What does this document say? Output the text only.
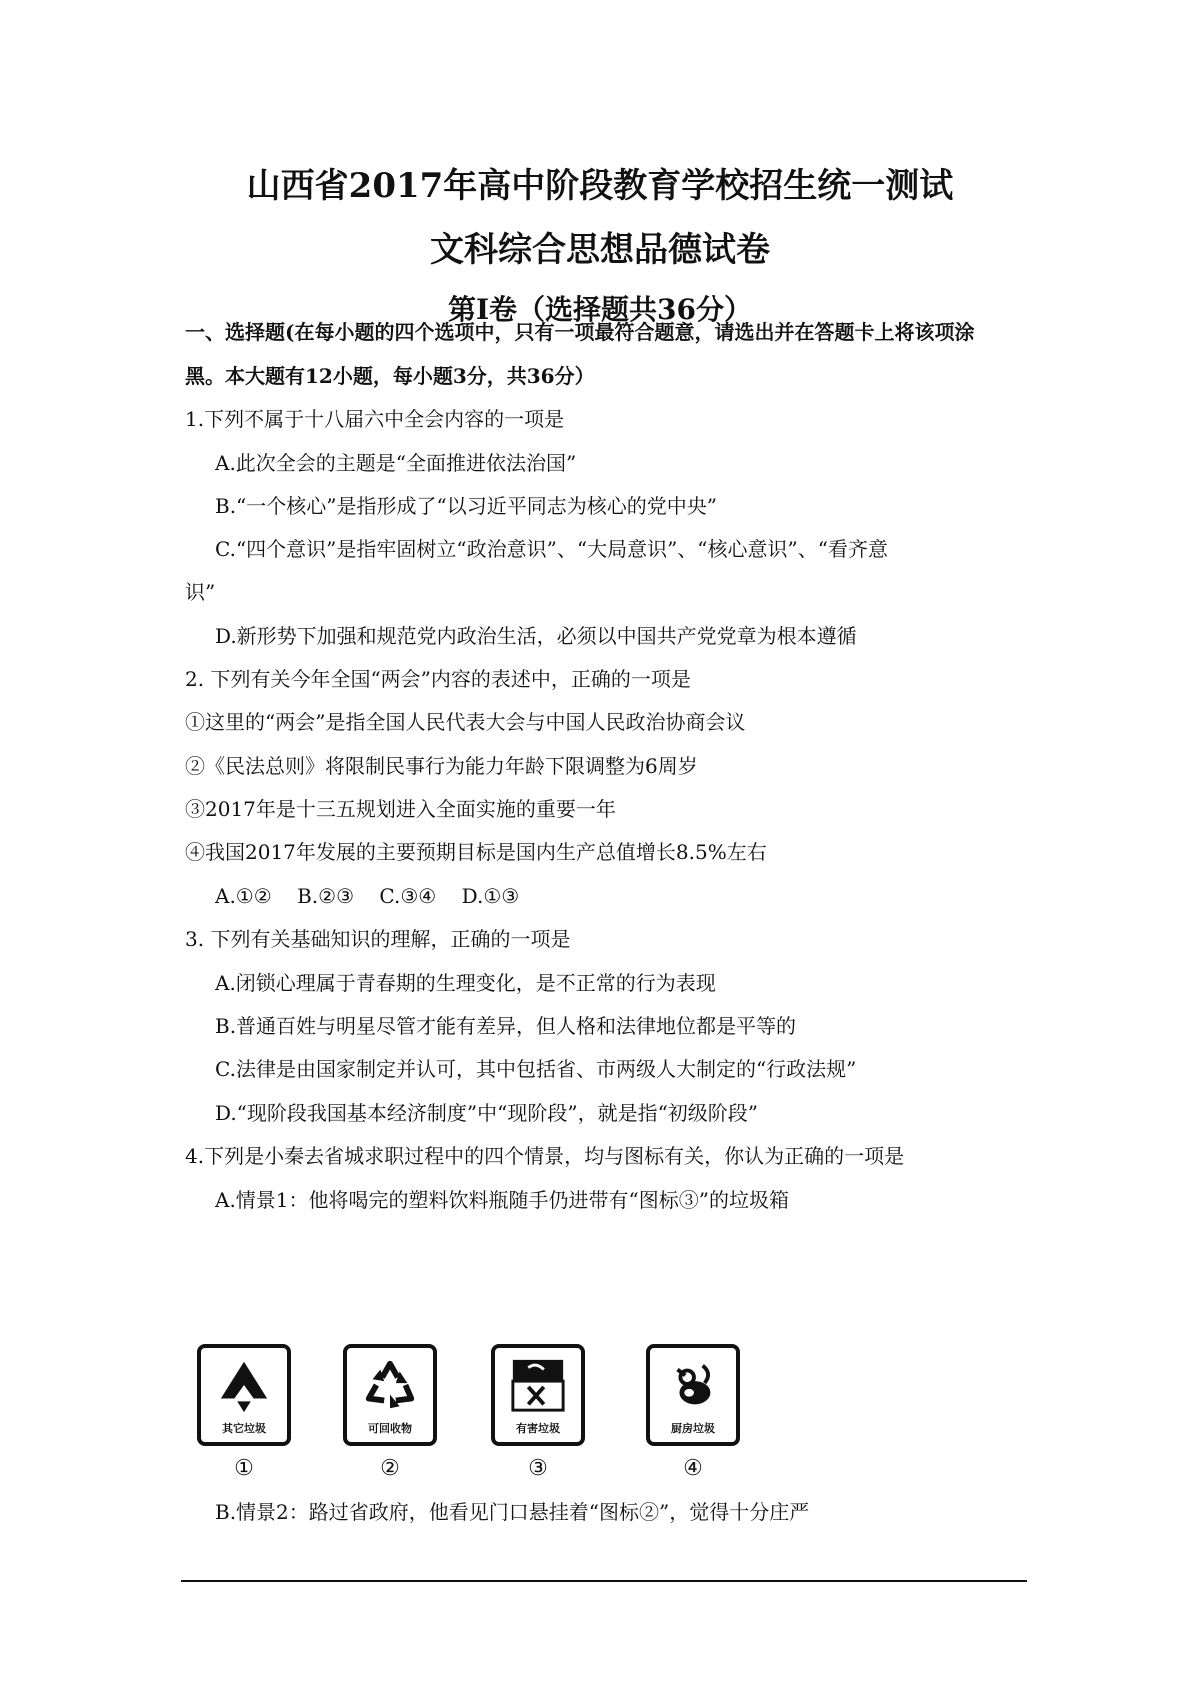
山西省2017年高中阶段教育学校招生统一测试
文科综合思想品德试卷
第Ⅰ卷（选择题共36分）

一、选择题(在每小题的四个选项中，只有一项最符合题意，请选出并在答题卡上将该项涂

黑。本大题有12小题，每小题3分，共36分）

1.下列不属于十八届六中全会内容的一项是

A.此次全会的主题是“全面推进依法治国”

B.“一个核心”是指形成了“以习近平同志为核心的党中央”

C.“四个意识”是指牢固树立“政治意识”、“大局意识”、“核心意识”、“看齐意

识”

D.新形势下加强和规范党内政治生活，必须以中国共产党党章为根本遵循

2. 下列有关今年全国“两会”内容的表述中，正确的一项是

①这里的“两会”是指全国人民代表大会与中国人民政治协商会议

②《民法总则》将限制民事行为能力年龄下限调整为6周岁

③2017年是十三五规划进入全面实施的重要一年

④我国2017年发展的主要预期目标是国内生产总值增长8.5%左右

A.①②    B.②③    C.③④    D.①③

3. 下列有关基础知识的理解，正确的一项是

A.闭锁心理属于青春期的生理变化，是不正常的行为表现

B.普通百姓与明星尽管才能有差异，但人格和法律地位都是平等的

C.法律是由国家制定并认可，其中包括省、市两级人大制定的“行政法规”

D.“现阶段我国基本经济制度”中“现阶段”，就是指“初级阶段”

4.下列是小秦去省城求职过程中的四个情景，均与图标有关，你认为正确的一项是

A.情景1：他将喝完的塑料饮料瓶随手仍进带有“图标③”的垃圾箱

其它垃圾
①
可回收物
②
有害垃圾
③
厨房垃圾
④

B.情景2：路过省政府，他看见门口悬挂着“图标②”，觉得十分庄严
